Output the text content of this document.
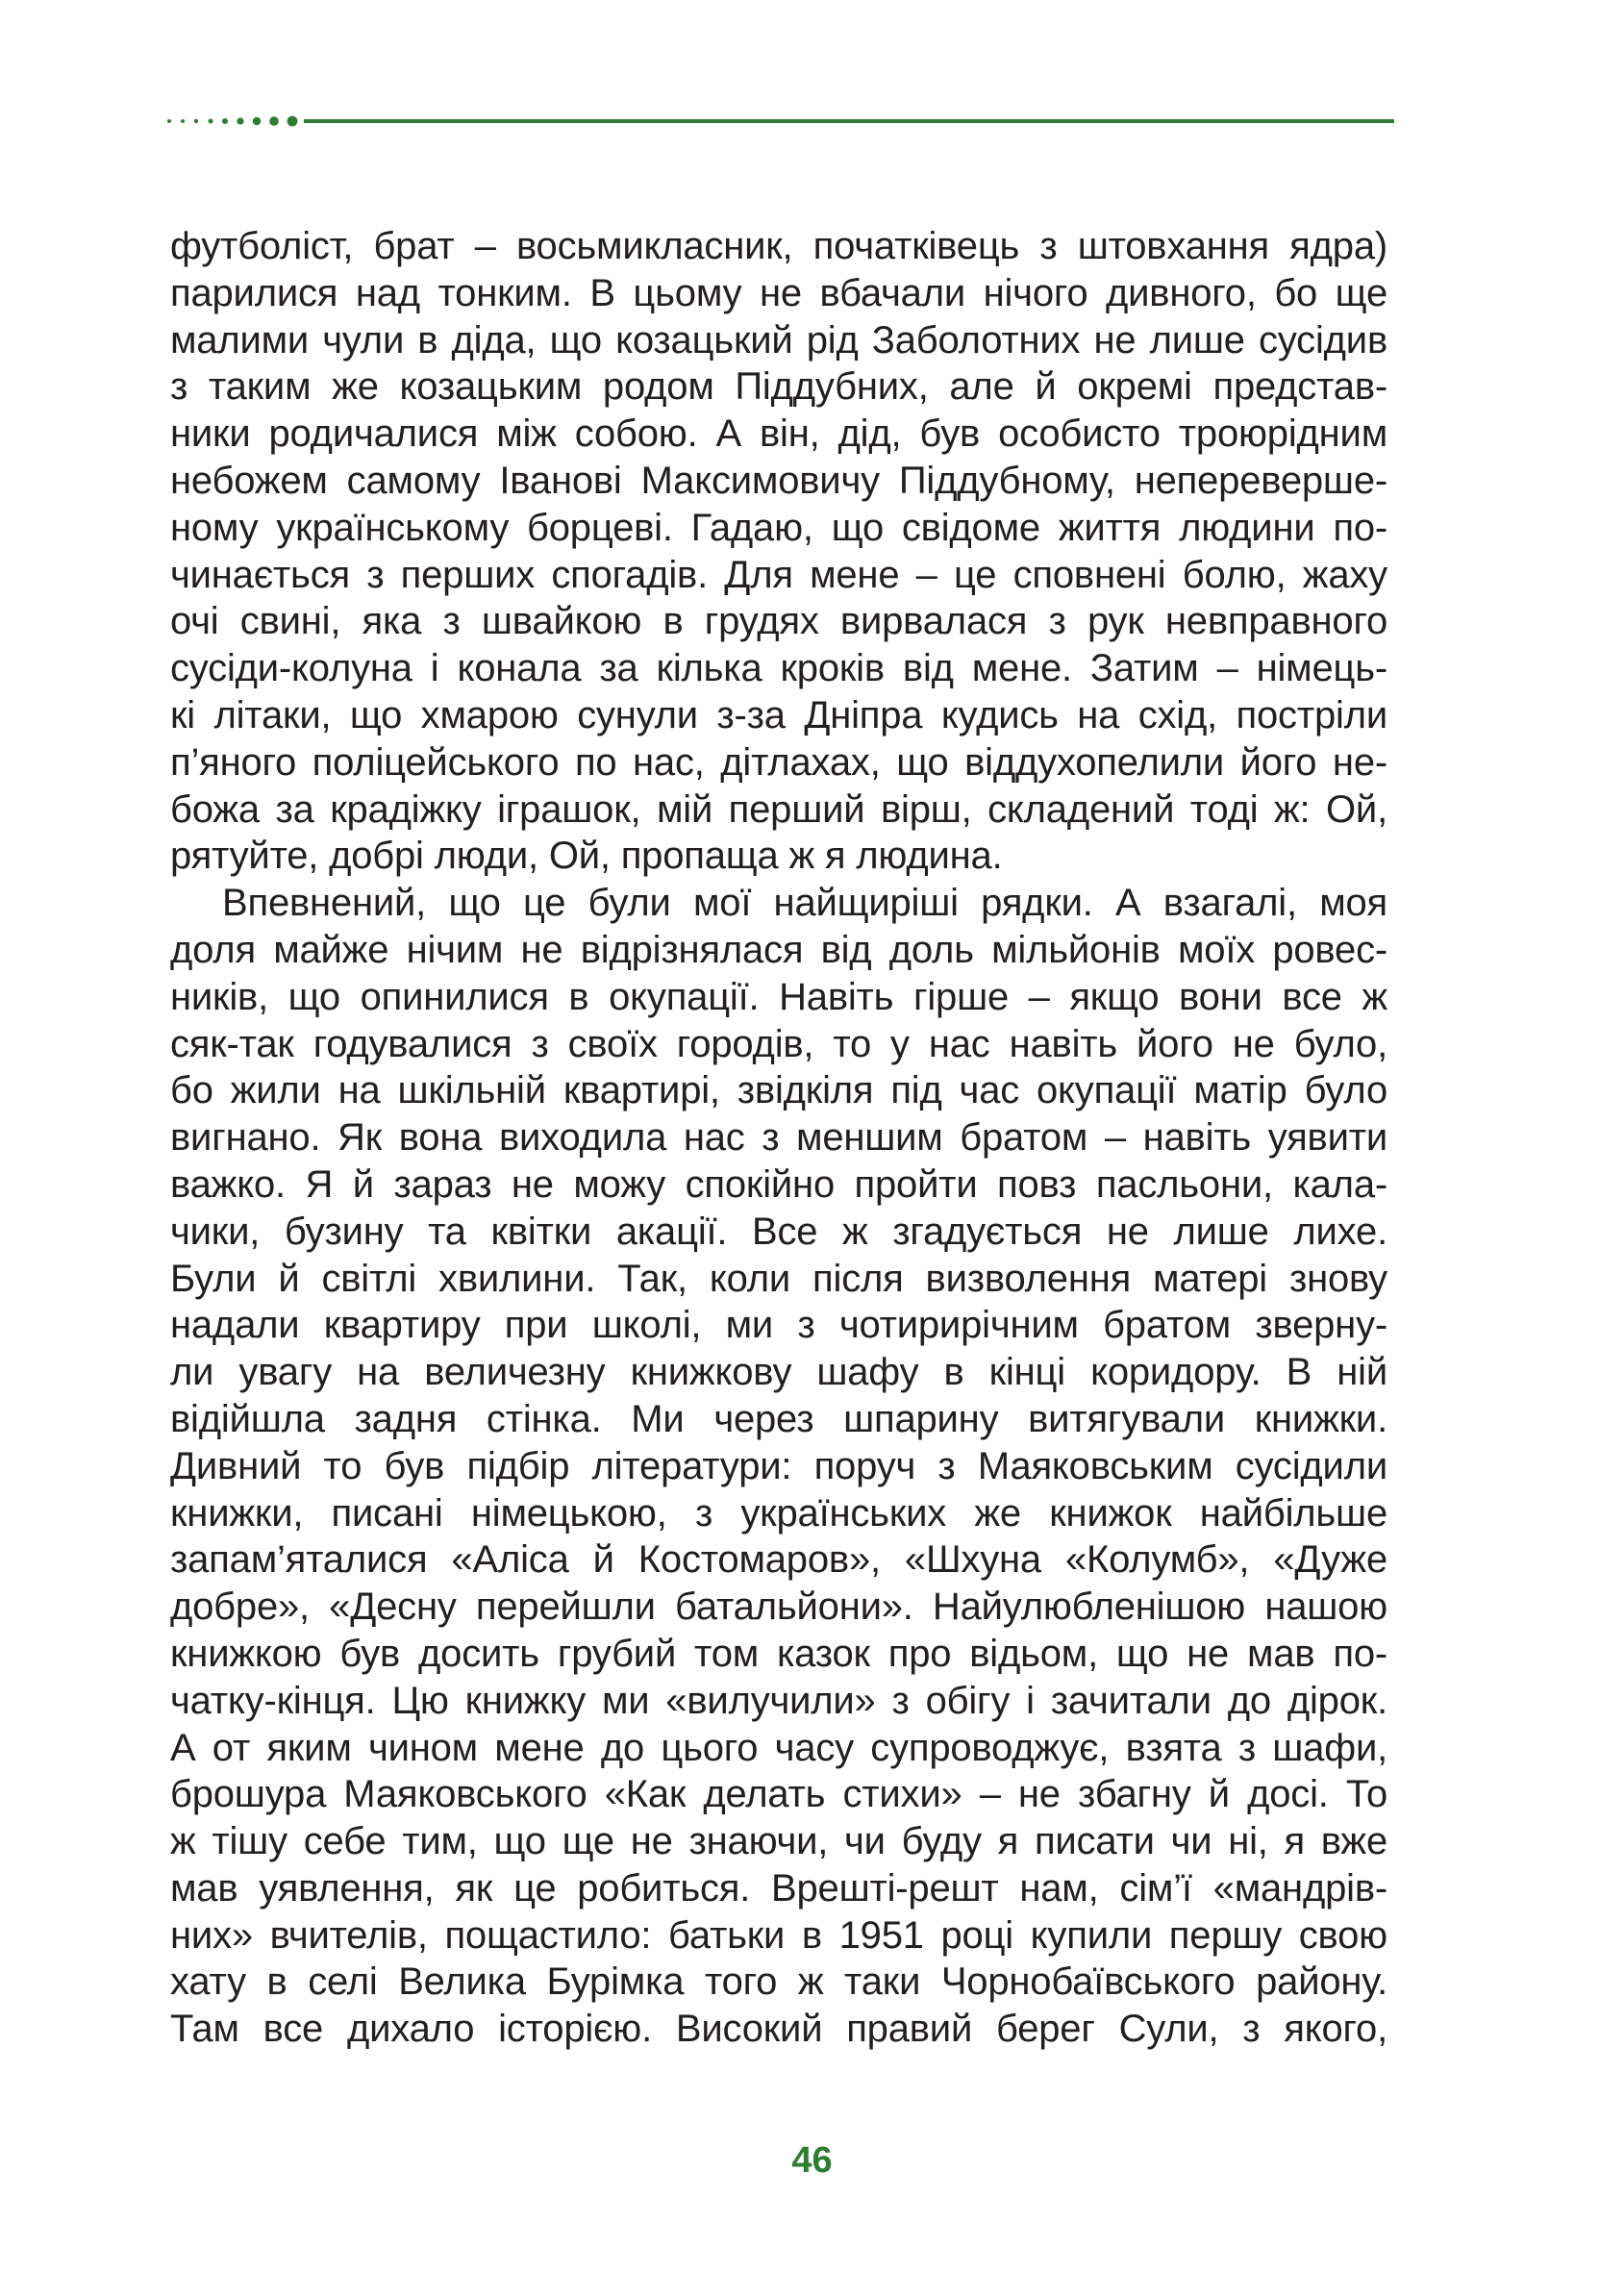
футболіст, брат – восьмикласник, початківець з штовхання ядра)
парилися над тонким. В цьому не вбачали нічого дивного, бо ще
малими чули в діда, що козацький рід Заболотних не лише сусідив
з таким же козацьким родом Піддубних, але й окремі представ-
ники родичалися між собою. А він, дід, був особисто троюрідним
небожем самому Іванові Максимовичу Піддубному, неперевершe-
ному українському борцеві. Гадаю, що свідоме життя людини по-
чинається з перших спогадів. Для мене – це сповнені болю, жаху
очі свині, яка з швайкою в грудях вирвалася з рук невправного
сусіди-колуна і конала за кілька кроків від мене. Затим – німець-
кі літаки, що хмарою сунули з-за Дніпра кудись на схід, постріли
п’яного поліцейського по нас, дітлахах, що віддухопелили його не-
божа за крадіжку іграшок, мій перший вірш, складений тоді ж: Ой,
рятуйте, добрі люди, Ой, пропаща ж я людина.
Впевнений, що це були мої найщиріші рядки. А взагалі, моя
доля майже нічим не відрізнялася від доль мільйонів моїх ровес-
ників, що опинилися в окупації. Навіть гірше – якщо вони все ж
сяк-так годувалися з своїх городів, то у нас навіть його не було,
бо жили на шкільній квартирі, звідкіля під час окупації матір було
вигнано. Як вона виходила нас з меншим братом – навіть уявити
важко. Я й зараз не можу спокійно пройти повз пасльони, кала-
чики, бузину та квітки акації. Все ж згадується не лише лихе.
Були й світлі хвилини. Так, коли після визволення матері знову
надали квартиру при школі, ми з чотирирічним братом зверну-
ли увагу на величезну книжкову шафу в кінці коридору. В ній
відійшла задня стінка. Ми через шпарину витягували книжки.
Дивний то був підбір літератури: поруч з Маяковським сусідили
книжки, писані німецькою, з українських же книжок найбільше
запам’яталися «Аліса й Костомаров», «Шхуна «Колумб», «Дуже
добре», «Десну перейшли батальйони». Найулюбленішою нашою
книжкою був досить грубий том казок про відьом, що не мав по-
чатку-кінця. Цю книжку ми «вилучили» з обігу і зачитали до дірок.
А от яким чином мене до цього часу супроводжує, взята з шафи,
брошура Маяковського «Как делать стихи» – не збагну й досі. То
ж тішу себе тим, що ще не знаючи, чи буду я писати чи ні, я вже
мав уявлення, як це робиться. Врешті-решт нам, сім’ї «мандрів-
них» вчителів, пощастило: батьки в 1951 році купили першу свою
хату в селі Велика Бурімка того ж таки Чорнобаївського району.
Там все дихало історією. Високий правий берег Сули, з якого,
46
